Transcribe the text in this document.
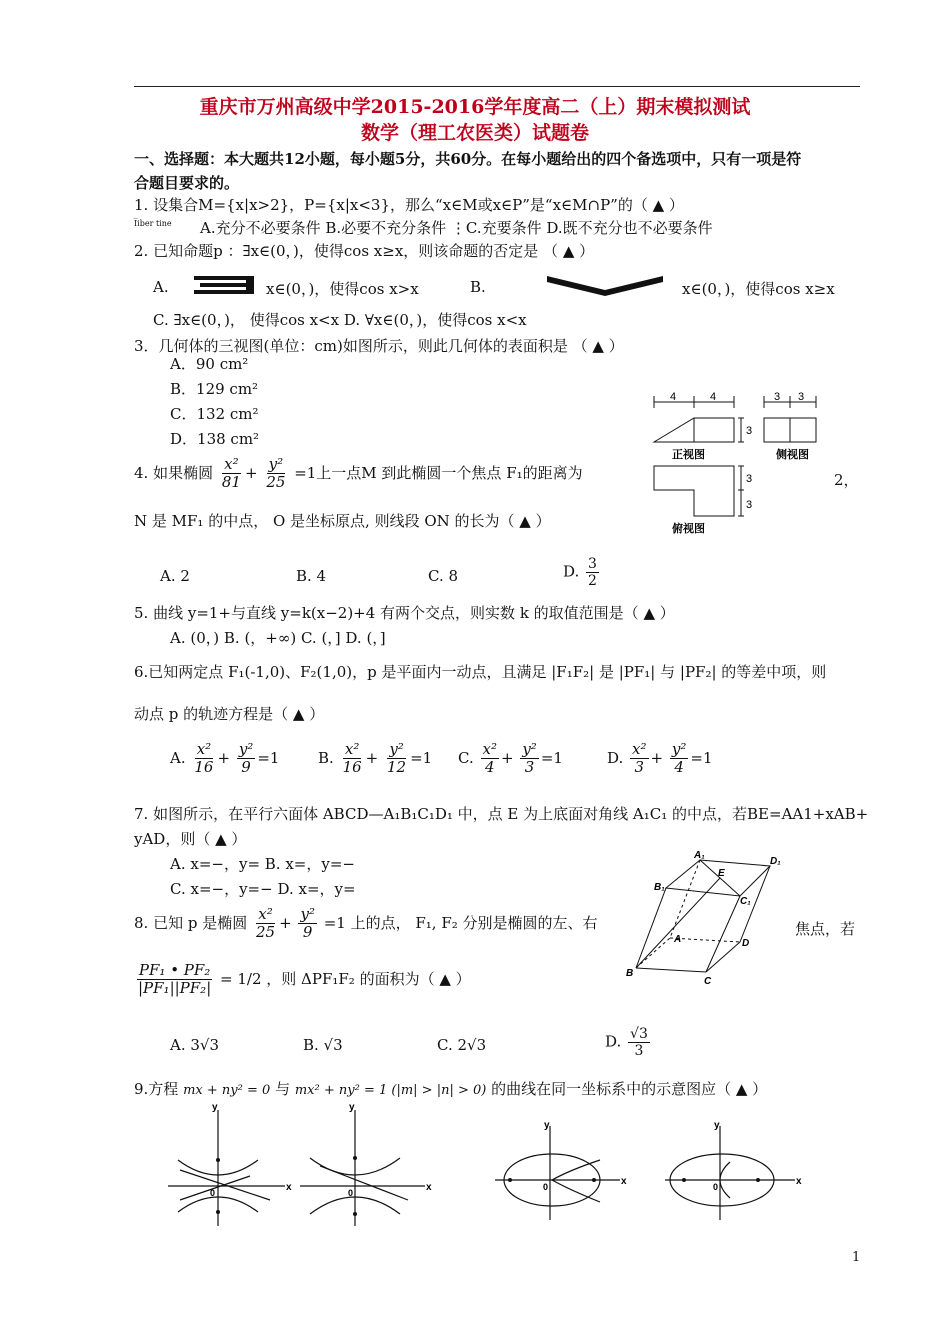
重庆市万州高级中学2015-2016学年度高二（上）期末模拟测试
数学（理工农医类）试题卷
一、选择题：本大题共12小题，每小题5分，共60分。在每小题给出的四个备选项中，只有一项是符
合题目要求的。
1. 设集合M={x|x>2}，P={x|x<3}，那么“x∈M或x∈P”是“x∈M∩P”的（ ▲ ）
I̅iber tine A.充分不必要条件 B.必要不充分条件 ⋮C.充要条件 D.既不充分也不必要条件
2. 已知命题p ：∃x∈(0，)，使得cos x≥x，则该命题的否定是 （ ▲ ）
A.	x∈(0，)，使得cos x>x	B.	x∈(0，)，使得cos x≥x
C. ∃x∈(0，)， 使得cos x<x D. ∀x∈(0，)，使得cos x<x
3．几何体的三视图(单位：cm)如图所示，则此几何体的表面积是 （ ▲ ）
A．90 cm²
B．129 cm²
C．132 cm²
D．138 cm²
4	4
3
3 3
3
3
正视图	侧视图
俯视图
4. 如果椭圆 $\frac{\text{x²}}{81} + \frac{\text{y²}}{25} =1$上一点M 到此椭圆一个焦点 F₁的距离为	2，
N 是 MF₁ 的中点， O 是坐标原点, 则线段 ON 的长为（ ▲ ）
A. 2	B. 4	C. 8	D. $\frac{3}{2}$
5. 曲线 y=1+与直线 y=k(x−2)+4 有两个交点，则实数 k 的取值范围是（ ▲ ）
A. (0，) B. (，+∞) C. (，] D. (，]
6.已知两定点 F₁(-1,0)、F₂(1,0)，p 是平面内一动点，且满足 |F₁F₂| 是 |PF₁| 与 |PF₂| 的等差中项，则
动点 p 的轨迹方程是（ ▲ ）
A. $\frac{\text{x²}}{16} + \frac{\text{y²}}{9} =1$	B. $\frac{\text{x²}}{16} + \frac{\text{y²}}{12} =1$ C. $\frac{\text{x²}}{4} + \frac{\text{y²}}{3} =1$	D. $\frac{\text{x²}}{3} + \frac{\text{y²}}{4} =1$
7. 如图所示，在平行六面体 ABCD—A₁B₁C₁D₁ 中，点 E 为上底面对角线 A₁C₁ 的中点，若BE=AA1+xAB+
yAD，则（ ▲ ）
A. x=−，y= B. x=，y=−
C. x=−，y=− D. x=，y=
A₁
E
D₁
B₁
C₁
A	D
B
C
8. 已知 p 是椭圆 $\frac{\text{x²}}{25} + \frac{\text{y²}}{9} =1$ 上的点， F₁, F₂ 分别是椭圆的左、右	焦点，若
$\frac{\text{PF₁ • PF₂}}{\text{|PF₁||PF₂|}} = 1/2$ ，则 ΔPF₁F₂ 的面积为（ ▲ ）
A. 3√3	B. √3	C. 2√3	D. $\frac{√3}{3}$
9.方程 mx + ny² = 0 与 mx² + ny² = 1 (|m| > |n| > 0) 的曲线在同一坐标系中的示意图应（ ▲ ）
x
y
0	x
y
0
x
y
0	x
y
0
1
